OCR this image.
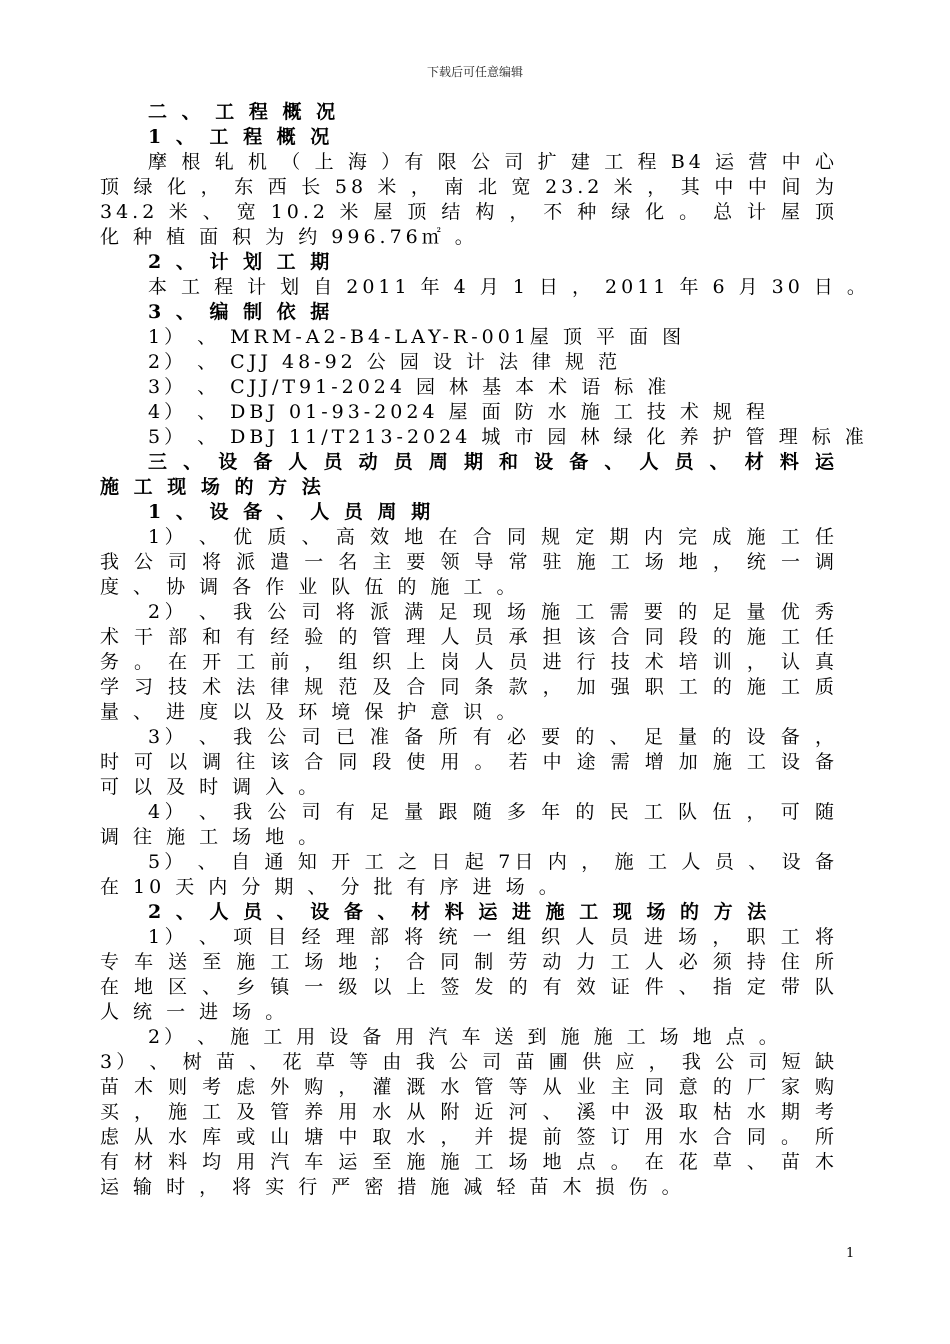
下载后可任意编辑
二 、 工 程 概 况
1 、 工 程 概 况
摩 根 轧 机 （ 上 海 ）有 限 公 司 扩 建 工 程 B4 运 营 中 心
顶 绿 化 ， 东 西 长 58 米 ， 南 北 宽 23.2 米 ， 其 中 中 间 为
34.2 米 、 宽 10.2 米 屋 顶 结 构 ， 不 种 绿 化 。 总 计 屋 顶
化 种 植 面 积 为 约 996.76㎡ 。
2 、 计 划 工 期
本 工 程 计 划 自 2011 年 4 月 1 日 ， 2011 年 6 月 30 日 。
3 、 编 制 依 据
1） 、 MRM-A2-B4-LAY-R-001屋 顶 平 面 图
2） 、 CJJ 48-92 公 园 设 计 法 律 规 范
3） 、 CJJ/T91-2024 园 林 基 本 术 语 标 准
4） 、 DBJ 01-93-2024 屋 面 防 水 施 工 技 术 规 程
5） 、 DBJ 11/T213-2024 城 市 园 林 绿 化 养 护 管 理 标 准
三 、 设 备 人 员 动 员 周 期 和 设 备 、 人 员 、 材 料 运
施 工 现 场 的 方 法
1 、 设 备 、 人 员 周 期
1） 、 优 质 、 高 效 地 在 合 同 规 定 期 内 完 成 施 工 任
我 公 司 将 派 遣 一 名 主 要 领 导 常 驻 施 工 场 地 ， 统 一 调
度 、 协 调 各 作 业 队 伍 的 施 工 。
2） 、 我 公 司 将 派 满 足 现 场 施 工 需 要 的 足 量 优 秀
术 干 部 和 有 经 验 的 管 理 人 员 承 担 该 合 同 段 的 施 工 任
务 。 在 开 工 前 ， 组 织 上 岗 人 员 进 行 技 术 培 训 ， 认 真
学 习 技 术 法 律 规 范 及 合 同 条 款 ， 加 强 职 工 的 施 工 质
量 、 进 度 以 及 环 境 保 护 意 识 。
3） 、 我 公 司 已 准 备 所 有 必 要 的 、 足 量 的 设 备 ，
时 可 以 调 往 该 合 同 段 使 用 。 若 中 途 需 增 加 施 工 设 备
可 以 及 时 调 入 。
4） 、 我 公 司 有 足 量 跟 随 多 年 的 民 工 队 伍 ， 可 随
调 往 施 工 场 地 。
5） 、 自 通 知 开 工 之 日 起 7日 内 ， 施 工 人 员 、 设 备
在 10 天 内 分 期 、 分 批 有 序 进 场 。
2 、 人 员 、 设 备 、 材 料 运 进 施 工 现 场 的 方 法
1） 、 项 目 经 理 部 将 统 一 组 织 人 员 进 场 ， 职 工 将
专 车 送 至 施 工 场 地 ； 合 同 制 劳 动 力 工 人 必 须 持 住 所
在 地 区 、 乡 镇 一 级 以 上 签 发 的 有 效 证 件 、 指 定 带 队
人 统 一 进 场 。
2） 、 施 工 用 设 备 用 汽 车 送 到 施 施 工 场 地 点 。
3） 、 树 苗 、 花 草 等 由 我 公 司 苗 圃 供 应 ， 我 公 司 短 缺
苗 木 则 考 虑 外 购 ， 灌 溉 水 管 等 从 业 主 同 意 的 厂 家 购
买 ， 施 工 及 管 养 用 水 从 附 近 河 、 溪 中 汲 取 枯 水 期 考
虑 从 水 库 或 山 塘 中 取 水 ， 并 提 前 签 订 用 水 合 同 。 所
有 材 料 均 用 汽 车 运 至 施 施 工 场 地 点 。 在 花 草 、 苗 木
运 输 时 ， 将 实 行 严 密 措 施 减 轻 苗 木 损 伤 。
1
